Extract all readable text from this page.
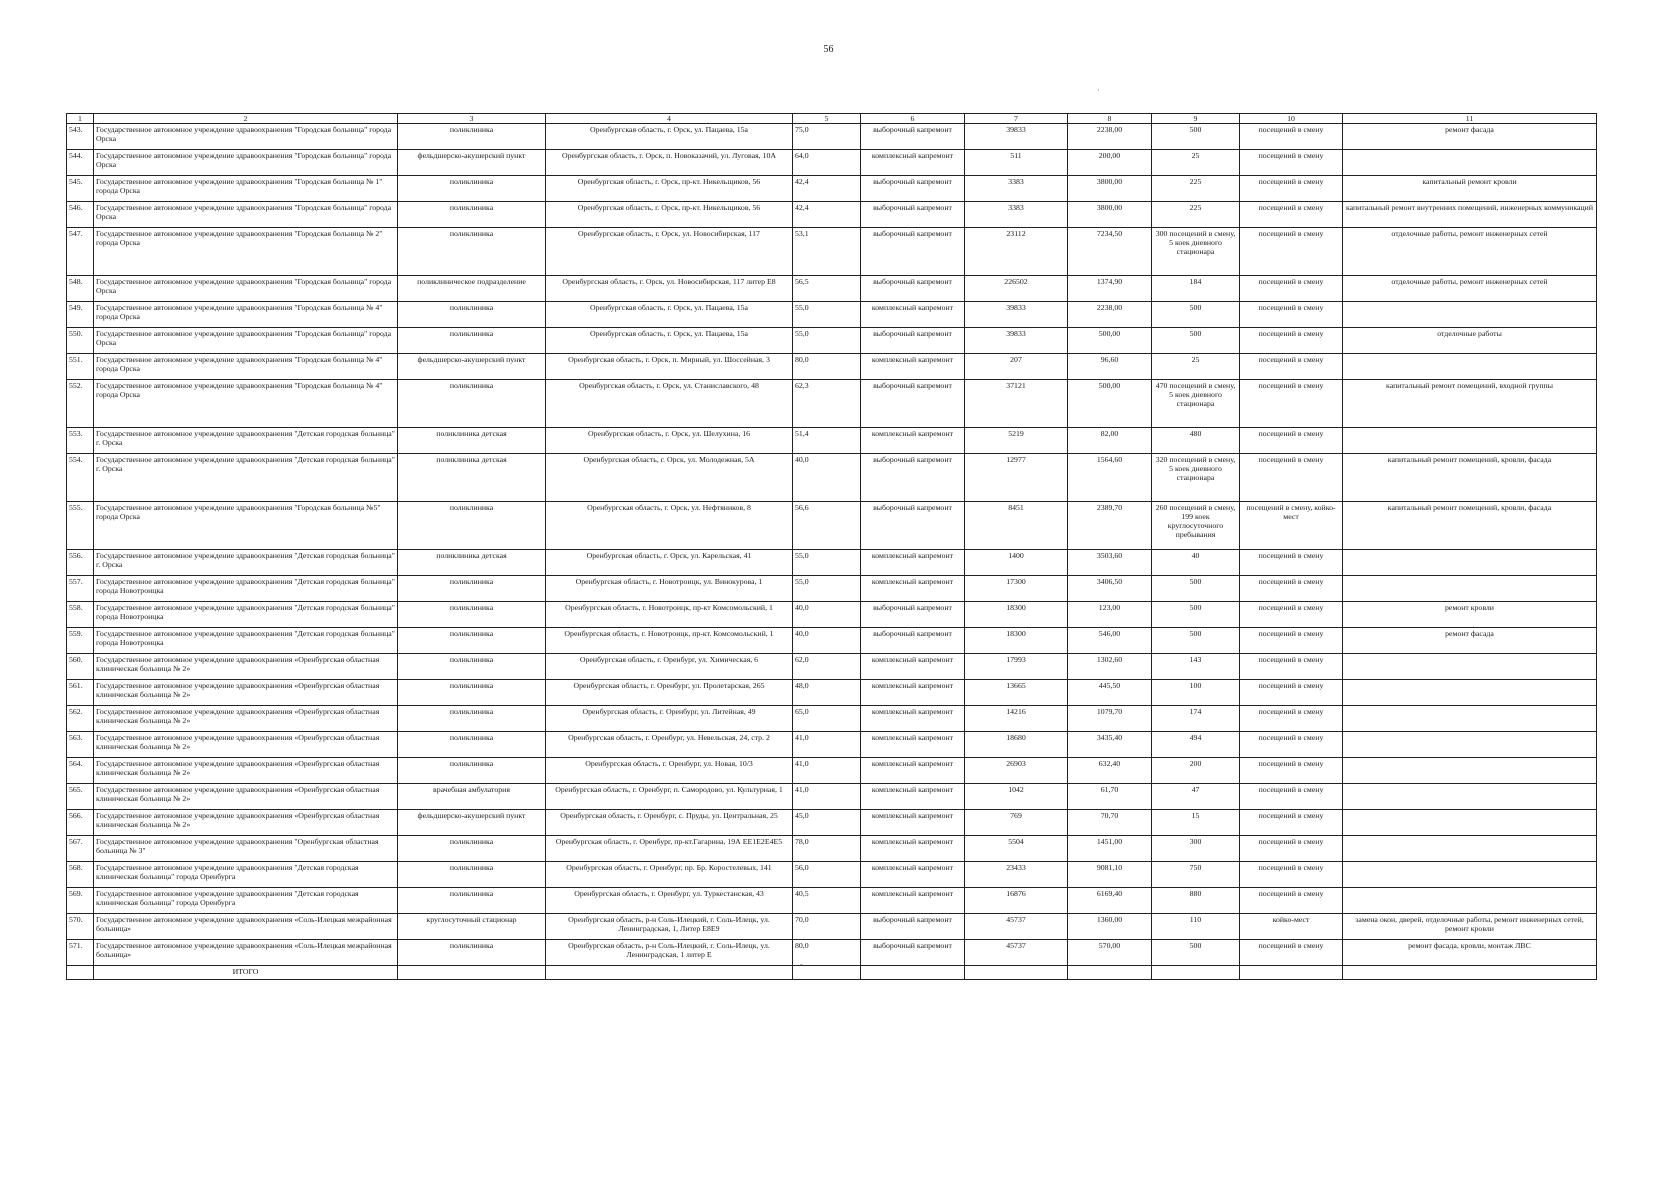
56
1	2	3	4	5	6	7	8	9	10	11
543.	Государственное автономное учреждение здравоохранения "Городская больница" города Орска	поликлиника	Оренбургская область, г. Орск, ул. Пацаева, 15а	75,0	выборочный капремонт	39833	2238,00	500	посещений в смену	ремонт фасада
544.	Государственное автономное учреждение здравоохранения "Городская больница" города Орска	фельдшерско-акушерский пункт	Оренбургская область, г. Орск, п. Новоказачий, ул. Луговая, 10А	64,0	комплексный капремонт	511	200,00	25	посещений в смену	
545.	Государственное автономное учреждение здравоохранения "Городская больница № 1" города Орска	поликлиника	Оренбургская область, г. Орск, пр-кт. Никельщиков, 56	42,4	выборочный капремонт	3383	3800,00	225	посещений в смену	капитальный ремонт кровли
546.	Государственное автономное учреждение здравоохранения "Городская больница" города Орска	поликлиника	Оренбургская область, г. Орск, пр-кт. Никельщиков, 56	42,4	выборочный капремонт	3383	3800,00	225	посещений в смену	капитальный ремонт внутренних помещений, инженерных коммуникаций
547.	Государственное автономное учреждение здравоохранения "Городская больница № 2" города Орска	поликлиника	Оренбургская область, г. Орск, ул. Новосибирская, 117	53,1	выборочный капремонт	23112	7234,50	300 посещений в смену, 5 коек дневного стационара	посещений в смену	отделочные работы, ремонт инженерных сетей
548.	Государственное автономное учреждение здравоохранения "Городская больница" города Орска	поликлиническое подразделение	Оренбургская область, г. Орск, ул. Новосибирская, 117 литер Е8	56,5	выборочный капремонт	226502	1374,90	184	посещений в смену	отделочные работы, ремонт инженерных сетей
549.	Государственное автономное учреждение здравоохранения "Городская больница № 4" города Орска	поликлиника	Оренбургская область, г. Орск, ул. Пацаева, 15а	55,0	комплексный капремонт	39833	2238,00	500	посещений в смену	
550.	Государственное автономное учреждение здравоохранения "Городская больница" города Орска	поликлиника	Оренбургская область, г. Орск, ул. Пацаева, 15а	55,0	выборочный капремонт	39833	500,00	500	посещений в смену	отделочные работы
551.	Государственное автономное учреждение здравоохранения "Городская больница № 4" города Орска	фельдшерско-акушерский пункт	Оренбургская область, г. Орск, п. Мирный, ул. Шоссейная, 3	80,0	комплексный капремонт	207	96,60	25	посещений в смену	
552.	Государственное автономное учреждение здравоохранения "Городская больница № 4" города Орска	поликлиника	Оренбургская область, г. Орск, ул. Станиславского, 48	62,3	выборочный капремонт	37121	500,00	470 посещений в смену, 5 коек дневного стационара	посещений в смену	капитальный ремонт помещений, входной группы
553.	Государственное автономное учреждение здравоохранения "Детская городская больница" г. Орска	поликлиника детская	Оренбургская область, г. Орск, ул. Шелухина, 16	51,4	комплексный капремонт	5219	82,00	480	посещений в смену	
554.	Государственное автономное учреждение здравоохранения "Детская городская больница" г. Орска	поликлиника детская	Оренбургская область, г. Орск, ул. Молодежная, 5А	40,0	выборочный капремонт	12977	1564,60	320 посещений в смену, 5 коек дневного стационара	посещений в смену	капитальный ремонт помещений, кровли, фасада
555.	Государственное автономное учреждение здравоохранения "Городская больница №5" города Орска	поликлиника	Оренбургская область, г. Орск, ул. Нефтяников, 8	56,6	выборочный капремонт	8451	2389,70	260 посещений в смену, 199 коек круглосуточного пребывания	посещений в смену, койко-мест	капитальный ремонт помещений, кровли, фасада
556.	Государственное автономное учреждение здравоохранения "Детская городская больница" г. Орска	поликлиника детская	Оренбургская область, г. Орск, ул. Карельская, 41	55,0	комплексный капремонт	1400	3503,60	40	посещений в смену	
557.	Государственное автономное учреждение здравоохранения "Детская городская больница" города Новотроицка	поликлиника	Оренбургская область, г. Новотроицк, ул. Винокурова, 1	55,0	комплексный капремонт	17300	3406,50	500	посещений в смену	
558.	Государственное автономное учреждение здравоохранения "Детская городская больница" города Новотроицка	поликлиника	Оренбургская область, г. Новотроицк, пр-кт Комсомольский, 1	40,0	выборочный капремонт	18300	123,00	500	посещений в смену	ремонт кровли
559.	Государственное автономное учреждение здравоохранения "Детская городская больница" города Новотроицка	поликлиника	Оренбургская область, г. Новотроицк, пр-кт. Комсомольский, 1	40,0	выборочный капремонт	18300	546,00	500	посещений в смену	ремонт фасада
560.	Государственное автономное учреждение здравоохранения «Оренбургская областная клиническая больница № 2»	поликлиника	Оренбургская область, г. Оренбург, ул. Химическая, 6	62,0	комплексный капремонт	17993	1302,60	143	посещений в смену	
561.	Государственное автономное учреждение здравоохранения «Оренбургская областная клиническая больница № 2»	поликлиника	Оренбургская область, г. Оренбург, ул. Пролетарская, 265	48,0	комплексный капремонт	13665	445,50	100	посещений в смену	
562.	Государственное автономное учреждение здравоохранения «Оренбургская областная клиническая больница № 2»	поликлиника	Оренбургская область, г. Оренбург, ул. Литейная, 49	65,0	комплексный капремонт	14216	1079,70	174	посещений в смену	
563.	Государственное автономное учреждение здравоохранения «Оренбургская областная клиническая больница № 2»	поликлиника	Оренбургская область, г. Оренбург, ул. Невельская, 24, стр. 2	41,0	комплексный капремонт	18680	3435,40	494	посещений в смену	
564.	Государственное автономное учреждение здравоохранения «Оренбургская областная клиническая больница № 2»	поликлиника	Оренбургская область, г. Оренбург, ул. Новая, 10/3	41,0	комплексный капремонт	26903	632,40	200	посещений в смену	
565.	Государственное автономное учреждение здравоохранения «Оренбургская областная клиническая больница № 2»	врачебная амбулатория	Оренбургская область, г. Оренбург, п. Самородово, ул. Культурная, 1	41,0	комплексный капремонт	1042	61,70	47	посещений в смену	
566.	Государственное автономное учреждение здравоохранения «Оренбургская областная клиническая больница № 2»	фельдшерско-акушерский пункт	Оренбургская область, г. Оренбург, с. Пруды, ул. Центральная, 25	45,0	комплексный капремонт	769	70,70	15	посещений в смену	
567.	Государственное автономное учреждение здравоохранения "Оренбургская областная больница № 3"	поликлиника	Оренбургская область, г. Оренбург, пр-кт.Гагарина, 19А ЕЕ1Е2Е4Е5	78,0	комплексный капремонт	5504	1451,00	300	посещений в смену	
568.	Государственное автономное учреждение здравоохранения "Детская городская клиническая больница" города Оренбурга	поликлиника	Оренбургская область, г. Оренбург, пр. Бр. Коростелевых, 141	56,0	комплексный капремонт	23433	9081,10	750	посещений в смену	
569.	Государственное автономное учреждение здравоохранения "Детская городская клиническая больница" города Оренбурга	поликлиника	Оренбургская область, г. Оренбург, ул. Туркестанская, 43	40,5	комплексный капремонт	16876	6169,40	880	посещений в смену	
570.	Государственное автономное учреждение здравоохранения «Соль-Илецкая межрайонная больница»	круглосуточный стационар	Оренбургская область, р-н Соль-Илецкий, г. Соль-Илецк, ул. Ленинградская, 1, Литер Е8Е9	70,0	выборочный капремонт	45737	1360,00	110	койко-мест	замена окон, дверей, отделочные работы, ремонт инженерных сетей, ремонт кровли
571.	Государственное автономное учреждение здравоохранения «Соль-Илецкая межрайонная больница»	поликлиника	Оренбургская область, р-н Соль-Илецкий, г. Соль-Илецк, ул. Ленинградская, 1 литер Е	80,0	выборочный капремонт	45737	570,00	500	посещений в смену	ремонт фасада, кровли, монтаж ЛВС
	ИТОГО									
·
-
